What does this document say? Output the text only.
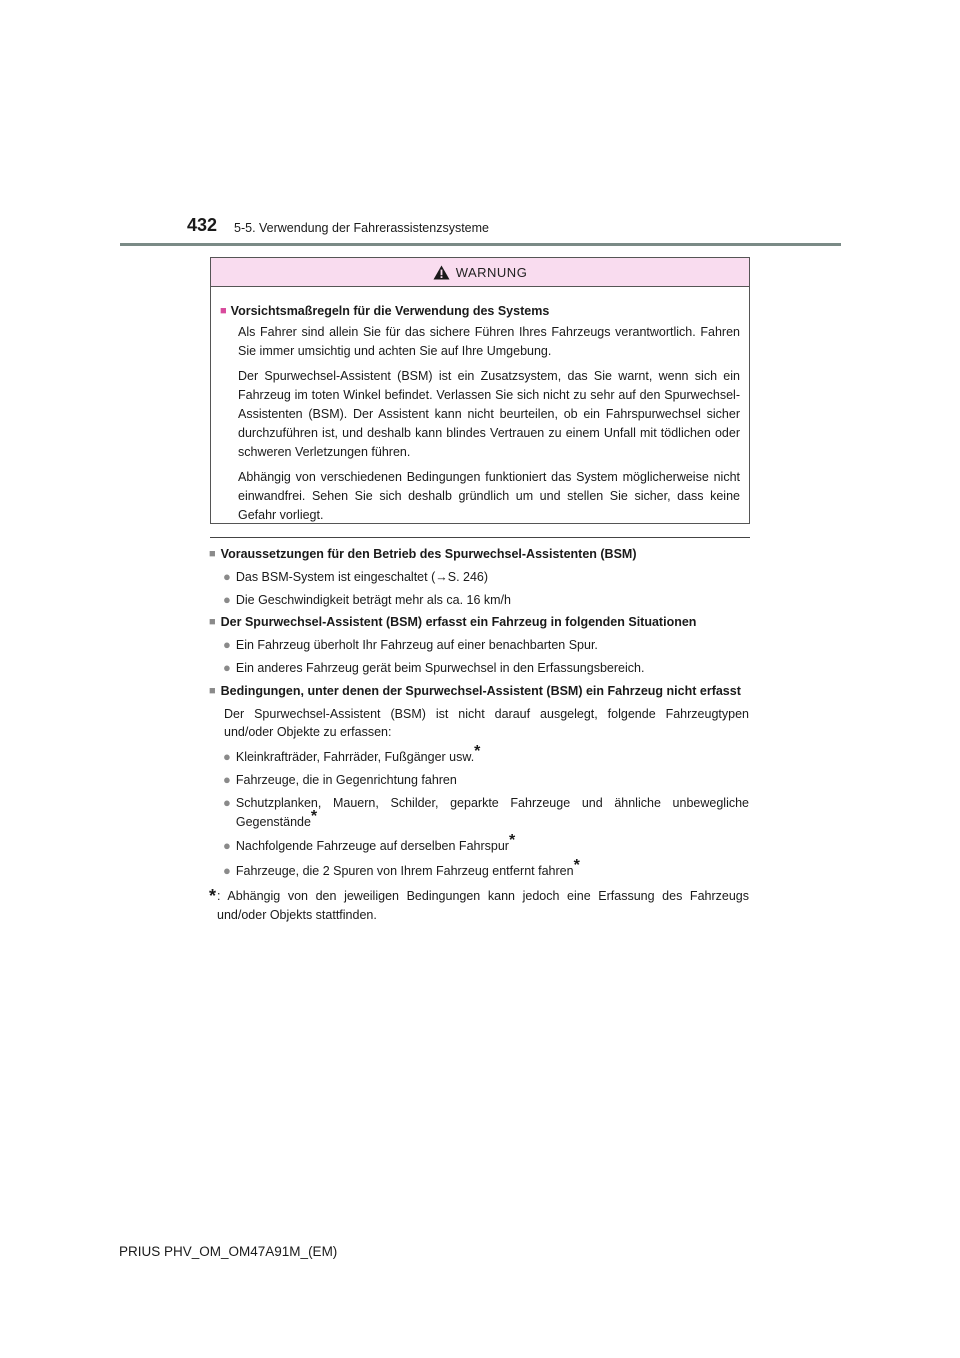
432 5-5. Verwendung der Fahrerassistenzsysteme
WARNUNG
■ Vorsichtsmaßregeln für die Verwendung des Systems

Als Fahrer sind allein Sie für das sichere Führen Ihres Fahrzeugs verantwortlich. Fahren Sie immer umsichtig und achten Sie auf Ihre Umgebung.

Der Spurwechsel-Assistent (BSM) ist ein Zusatzsystem, das Sie warnt, wenn sich ein Fahrzeug im toten Winkel befindet. Verlassen Sie sich nicht zu sehr auf den Spurwechsel-Assistenten (BSM). Der Assistent kann nicht beurteilen, ob ein Fahrspurwechsel sicher durchzuführen ist, und deshalb kann blindes Vertrauen zu einem Unfall mit tödlichen oder schweren Verletzungen führen.

Abhängig von verschiedenen Bedingungen funktioniert das System möglicherweise nicht einwandfrei. Sehen Sie sich deshalb gründlich um und stellen Sie sicher, dass keine Gefahr vorliegt.

■ Voraussetzungen für den Betrieb des Spurwechsel-Assistenten (BSM)
● Das BSM-System ist eingeschaltet (→S. 246)
● Die Geschwindigkeit beträgt mehr als ca. 16 km/h
■ Der Spurwechsel-Assistent (BSM) erfasst ein Fahrzeug in folgenden Situationen
● Ein Fahrzeug überholt Ihr Fahrzeug auf einer benachbarten Spur.
● Ein anderes Fahrzeug gerät beim Spurwechsel in den Erfassungsbereich.
■ Bedingungen, unter denen der Spurwechsel-Assistent (BSM) ein Fahrzeug nicht erfasst
Der Spurwechsel-Assistent (BSM) ist nicht darauf ausgelegt, folgende Fahrzeugtypen und/oder Objekte zu erfassen:
● Kleinkrafträder, Fahrräder, Fußgänger usw.*
● Fahrzeuge, die in Gegenrichtung fahren
● Schutzplanken, Mauern, Schilder, geparkte Fahrzeuge und ähnliche unbewegliche Gegenstände*
● Nachfolgende Fahrzeuge auf derselben Fahrspur*
● Fahrzeuge, die 2 Spuren von Ihrem Fahrzeug entfernt fahren*
* : Abhängig von den jeweiligen Bedingungen kann jedoch eine Erfassung des Fahrzeugs und/oder Objekts stattfinden.
PRIUS PHV_OM_OM47A91M_(EM)
